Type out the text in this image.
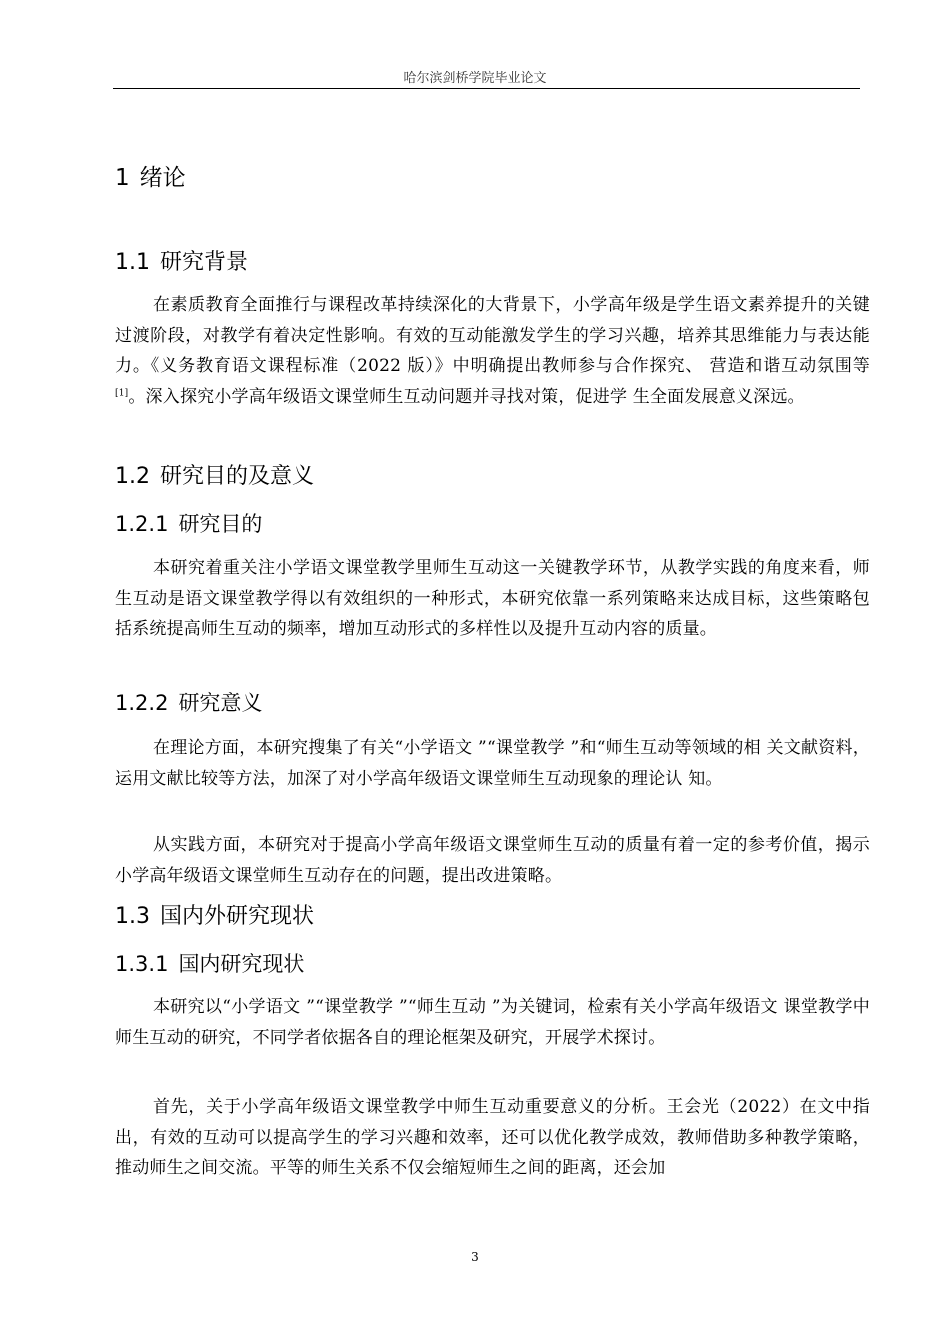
哈尔滨剑桥学院毕业论文
1 绪论
1.1 研究背景
在素质教育全面推行与课程改革持续深化的大背景下，小学高年级是学生语文素养提升的关键过渡阶段，对教学有着决定性影响。有效的互动能激发学生的学习兴趣，培养其思维能力与表达能力。《义务教育语文课程标准（2022 版）》中明确提出教师参与合作探究、 营造和谐互动氛围等[1]。深入探究小学高年级语文课堂师生互动问题并寻找对策，促进学 生全面发展意义深远。
1.2 研究目的及意义
1.2.1 研究目的
本研究着重关注小学语文课堂教学里师生互动这一关键教学环节，从教学实践的角度来看，师生互动是语文课堂教学得以有效组织的一种形式，本研究依靠一系列策略来达成目标，这些策略包括系统提高师生互动的频率，增加互动形式的多样性以及提升互动内容的质量。
1.2.2 研究意义
在理论方面，本研究搜集了有关“小学语文 ”“课堂教学 ”和“师生互动等领域的相 关文献资料，运用文献比较等方法，加深了对小学高年级语文课堂师生互动现象的理论认 知。
从实践方面，本研究对于提高小学高年级语文课堂师生互动的质量有着一定的参考价值，揭示小学高年级语文课堂师生互动存在的问题，提出改进策略。
1.3 国内外研究现状
1.3.1 国内研究现状
本研究以“小学语文 ”“课堂教学 ”“师生互动 ”为关键词，检索有关小学高年级语文 课堂教学中师生互动的研究，不同学者依据各自的理论框架及研究，开展学术探讨。
首先，关于小学高年级语文课堂教学中师生互动重要意义的分析。王会光（2022）在文中指出，有效的互动可以提高学生的学习兴趣和效率，还可以优化教学成效，教师借助多种教学策略，推动师生之间交流。平等的师生关系不仅会缩短师生之间的距离，还会加
3
